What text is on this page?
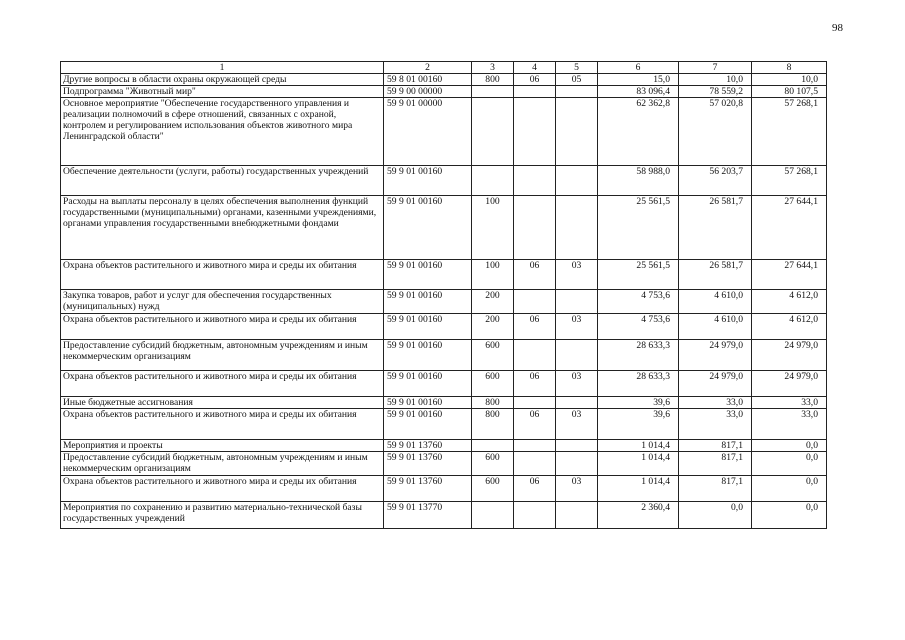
98
1	2	3	4	5	6	7	8
Другие вопросы в области охраны окружающей среды	59 8 01 00160	800	06	05	15,0	10,0	10,0
Подпрограмма "Животный мир"	59 9 00 00000				83 096,4	78 559,2	80 107,5
Основное мероприятие "Обеспечение государственного управления и реализации полномочий в сфере отношений, связанных с охраной, контролем и регулированием использования объектов животного мира Ленинградской области"	59 9 01 00000				62 362,8	57 020,8	57 268,1
Обеспечение деятельности (услуги, работы) государственных учреждений	59 9 01 00160				58 988,0	56 203,7	57 268,1
Расходы на выплаты персоналу в целях обеспечения выполнения функций государственными (муниципальными) органами, казенными учреждениями, органами управления государственными внебюджетными фондами	59 9 01 00160	100			25 561,5	26 581,7	27 644,1
Охрана объектов растительного и животного мира и среды их обитания	59 9 01 00160	100	06	03	25 561,5	26 581,7	27 644,1
Закупка товаров, работ и услуг для обеспечения государственных (муниципальных) нужд	59 9 01 00160	200			4 753,6	4 610,0	4 612,0
Охрана объектов растительного и животного мира и среды их обитания	59 9 01 00160	200	06	03	4 753,6	4 610,0	4 612,0
Предоставление субсидий бюджетным, автономным учреждениям и иным некоммерческим организациям	59 9 01 00160	600			28 633,3	24 979,0	24 979,0
Охрана объектов растительного и животного мира и среды их обитания	59 9 01 00160	600	06	03	28 633,3	24 979,0	24 979,0
Иные бюджетные ассигнования	59 9 01 00160	800			39,6	33,0	33,0
Охрана объектов растительного и животного мира и среды их обитания	59 9 01 00160	800	06	03	39,6	33,0	33,0
Мероприятия и проекты	59 9 01 13760				1 014,4	817,1	0,0
Предоставление субсидий бюджетным, автономным учреждениям и иным некоммерческим организациям	59 9 01 13760	600			1 014,4	817,1	0,0
Охрана объектов растительного и животного мира и среды их обитания	59 9 01 13760	600	06	03	1 014,4	817,1	0,0
Мероприятия по сохранению и развитию материально-технической базы государственных учреждений	59 9 01 13770				2 360,4	0,0	0,0
